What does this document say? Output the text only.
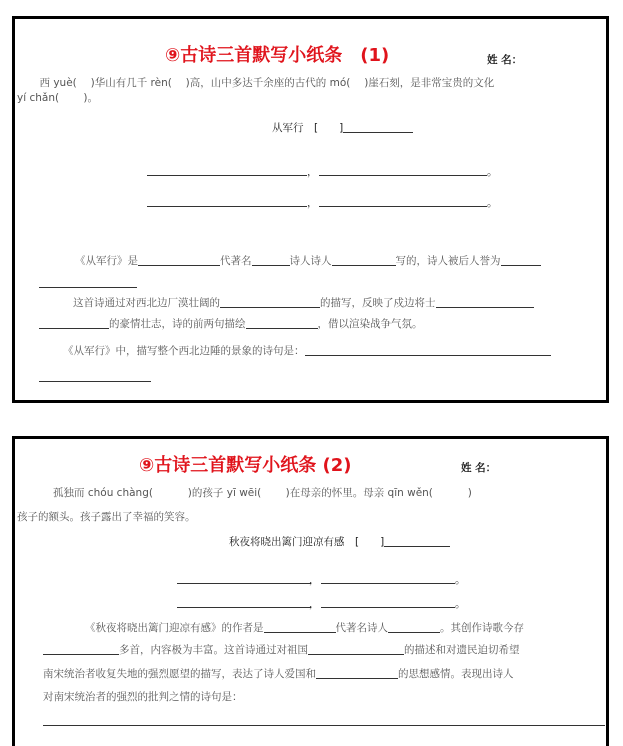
⑨古诗三首默写小纸条　(1)	姓 名：
　西 yuè(　 )华山有几千 rèn(　 )高，山中多达千余座的古代的 mó(　 )崖石刻，是非常宝贵的文化
yí chǎn(　　 )。
从军行　[　　]
，	。
，	。
《从军行》是	代著名	诗人诗人	写的，诗人被后人誉为
这首诗通过对西北边厂漠壮阔的	的描写，反映了戍边将士
的豪情壮志，诗的前两句描绘	，借以渲染战争气氛。
《从军行》中，描写整个西北边陲的景象的诗句是：
⑨古诗三首默写小纸条 (2)	姓 名：
孤独而 chóu chàng(　　　 )的孩子 yī wēi(　　 )在母亲的怀里。母亲 qīn wěn(　　　 )
孩子的额头。孩子露出了幸福的笑容。
秋夜将晓出篱门迎凉有感　[　　]
，	。
，	。
《秋夜将晓出篱门迎凉有感》的作者是	代著名诗人	。其创作诗歌今存
多首，内容极为丰富。这首诗通过对祖国	的描述和对遗民迫切希望
南宋统治者收复失地的强烈愿望的描写，表达了诗人爱国和	的思想感情。表现出诗人
对南宋统治者的强烈的批判之情的诗句是：
